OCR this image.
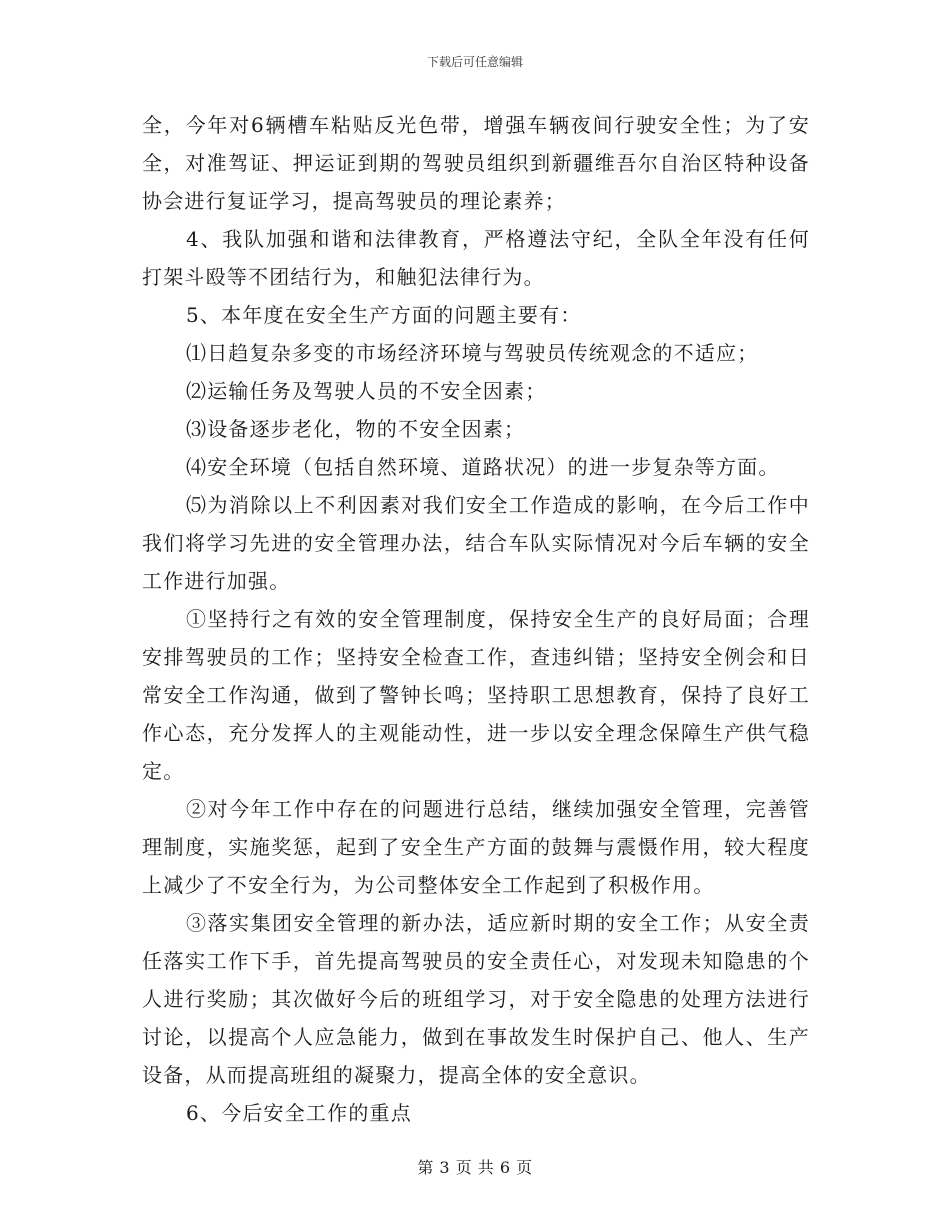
下载后可任意编辑

全，今年对6辆槽车粘贴反光色带，增强车辆夜间行驶安全性；为了安全，对准驾证、押运证到期的驾驶员组织到新疆维吾尔自治区特种设备协会进行复证学习，提高驾驶员的理论素养；

4、我队加强和谐和法律教育，严格遵法守纪，全队全年没有任何打架斗殴等不团结行为，和触犯法律行为。

5、本年度在安全生产方面的问题主要有：

⑴日趋复杂多变的市场经济环境与驾驶员传统观念的不适应；

⑵运输任务及驾驶人员的不安全因素；

⑶设备逐步老化，物的不安全因素；

⑷安全环境（包括自然环境、道路状况）的进一步复杂等方面。

⑸为消除以上不利因素对我们安全工作造成的影响，在今后工作中我们将学习先进的安全管理办法，结合车队实际情况对今后车辆的安全工作进行加强。

①坚持行之有效的安全管理制度，保持安全生产的良好局面；合理安排驾驶员的工作；坚持安全检查工作，查违纠错；坚持安全例会和日常安全工作沟通，做到了警钟长鸣；坚持职工思想教育，保持了良好工作心态，充分发挥人的主观能动性，进一步以安全理念保障生产供气稳定。

②对今年工作中存在的问题进行总结，继续加强安全管理，完善管理制度，实施奖惩，起到了安全生产方面的鼓舞与震慑作用，较大程度上减少了不安全行为，为公司整体安全工作起到了积极作用。

③落实集团安全管理的新办法，适应新时期的安全工作；从安全责任落实工作下手，首先提高驾驶员的安全责任心，对发现未知隐患的个人进行奖励；其次做好今后的班组学习，对于安全隐患的处理方法进行讨论，以提高个人应急能力，做到在事故发生时保护自己、他人、生产设备，从而提高班组的凝聚力，提高全体的安全意识。

6、今后安全工作的重点

第 3 页 共 6 页
